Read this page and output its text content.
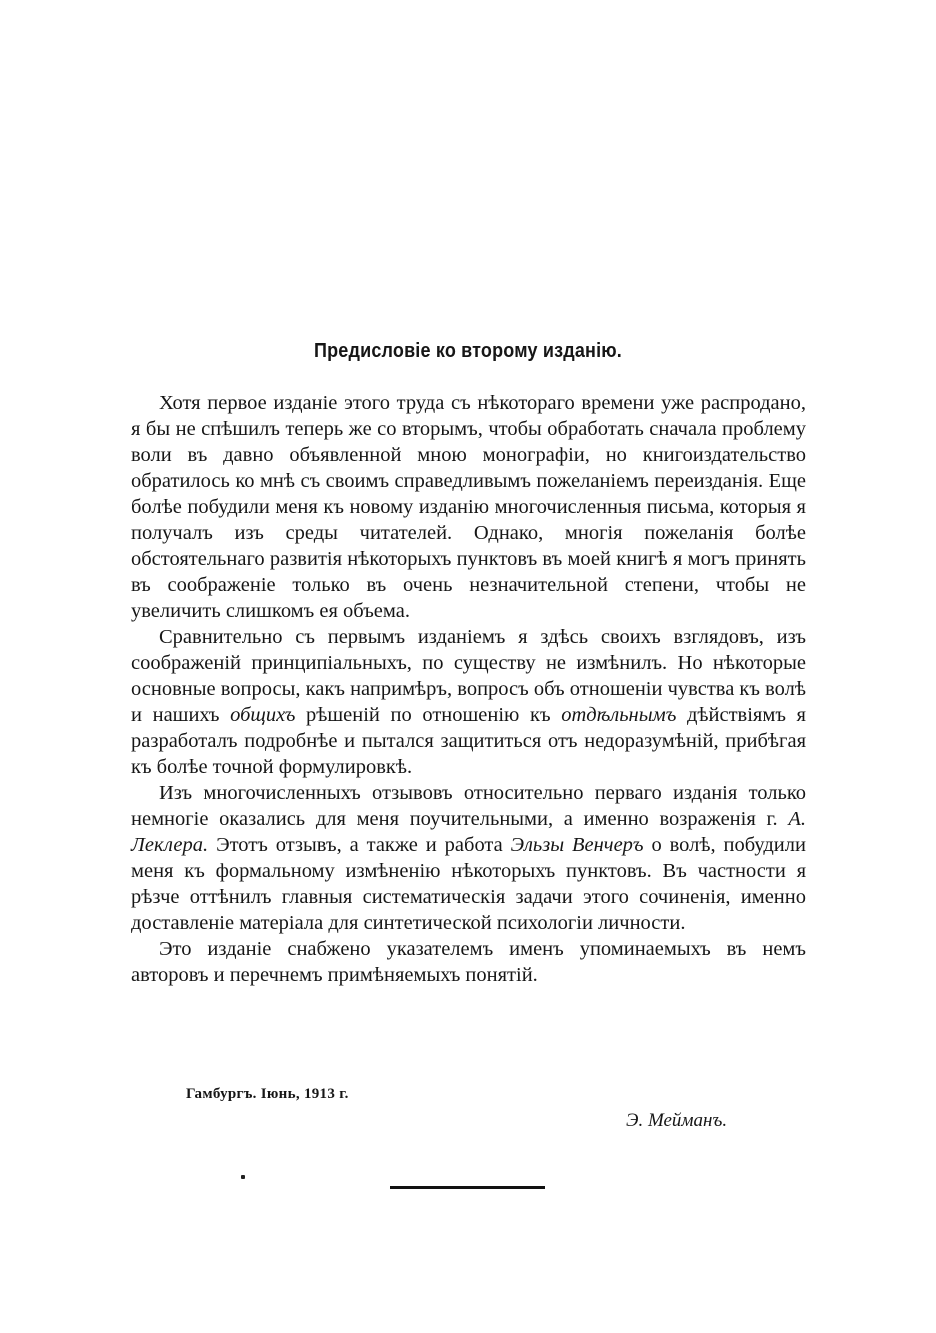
Предисловіе ко второму изданію.

Хотя первое изданіе этого труда съ нѣкотораго времени уже распродано, я бы не спѣшилъ теперь же со вторымъ, чтобы обработать сначала проблему воли въ давно объявленной мною монографіи, но книгоиздательство обратилось ко мнѣ съ своимъ справедливымъ пожеланіемъ переизданія. Еще болѣе побудили меня къ новому изданію многочисленныя письма, которыя я получалъ изъ среды читателей. Однако, многія пожеланія болѣе обстоятельнаго развитія нѣкоторыхъ пунктовъ въ моей книгѣ я могъ принять въ соображеніе только въ очень незначительной степени, чтобы не увеличить слишкомъ ея объема.

Сравнительно съ первымъ изданіемъ я здѣсь своихъ взглядовъ, изъ соображеній принципіальныхъ, по существу не измѣнилъ. Но нѣкоторые основные вопросы, какъ напримѣръ, вопросъ объ отношеніи чувства къ волѣ и нашихъ общихъ рѣшеній по отношенію къ отдѣльнымъ дѣйствіямъ я разработалъ подробнѣе и пытался защититься отъ недоразумѣній, прибѣгая къ болѣе точной формулировкѣ.

Изъ многочисленныхъ отзывовъ относительно перваго изданія только немногіе оказались для меня поучительными, а именно возраженія г. А. Леклера. Этотъ отзывъ, а также и работа Эльзы Венчеръ о волѣ, побудили меня къ формальному измѣненію нѣкоторыхъ пунктовъ. Въ частности я рѣзче оттѣнилъ главныя систематическія задачи этого сочиненія, именно доставленіе матеріала для синтетической психологіи личности.

Это изданіе снабжено указателемъ именъ упоминаемыхъ въ немъ авторовъ и перечнемъ примѣняемыхъ понятій.

Гамбургъ. Іюнь, 1913 г.
Э. Мейманъ.
